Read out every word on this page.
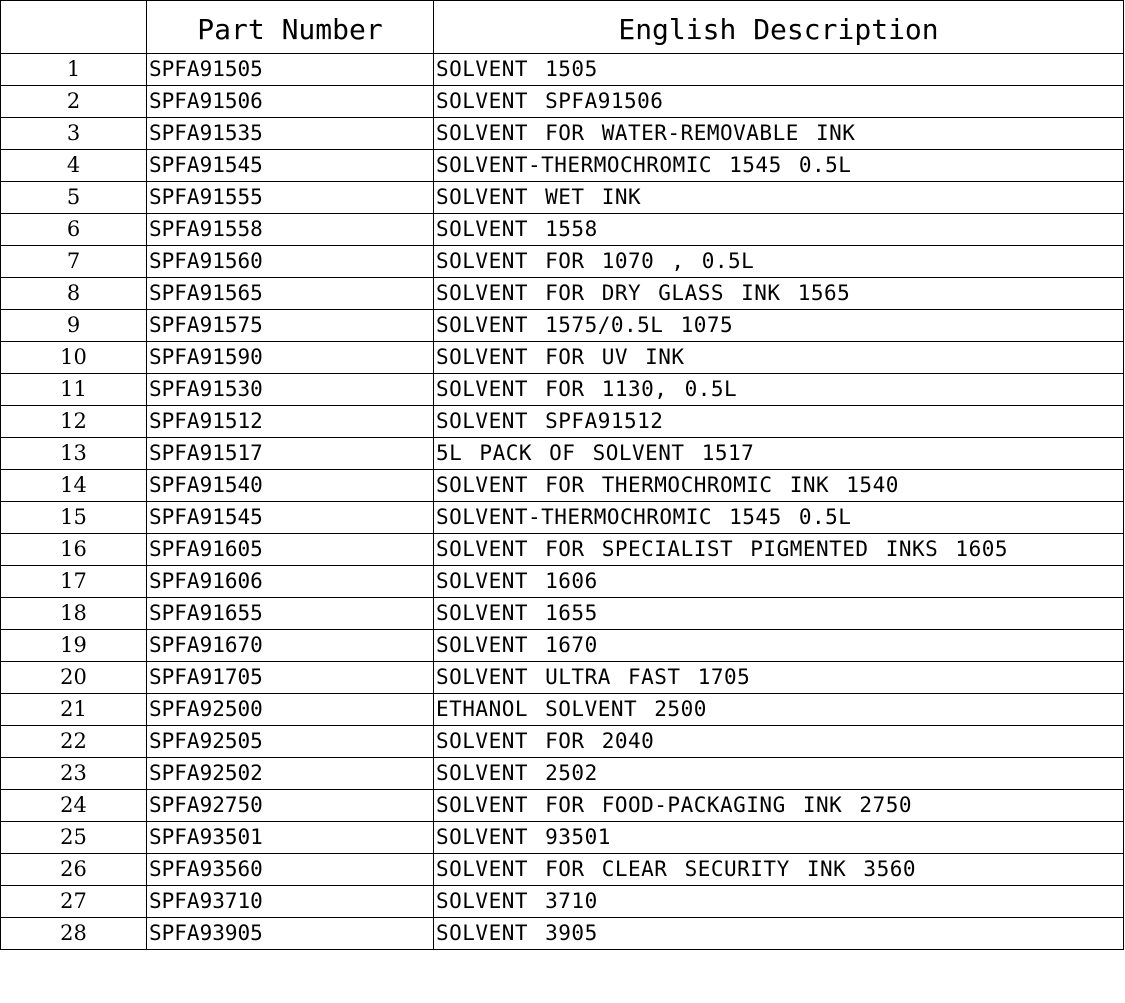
	Part Number	English Description
1	SPFA91505	SOLVENT 1505
2	SPFA91506	SOLVENT SPFA91506
3	SPFA91535	SOLVENT FOR WATER-REMOVABLE INK
4	SPFA91545	SOLVENT-THERMOCHROMIC 1545 0.5L
5	SPFA91555	SOLVENT WET INK
6	SPFA91558	SOLVENT 1558
7	SPFA91560	SOLVENT FOR 1070 , 0.5L
8	SPFA91565	SOLVENT FOR DRY GLASS INK 1565
9	SPFA91575	SOLVENT 1575/0.5L 1075
10	SPFA91590	SOLVENT FOR UV INK
11	SPFA91530	SOLVENT FOR 1130, 0.5L
12	SPFA91512	SOLVENT SPFA91512
13	SPFA91517	5L PACK OF SOLVENT 1517
14	SPFA91540	SOLVENT FOR THERMOCHROMIC INK 1540
15	SPFA91545	SOLVENT-THERMOCHROMIC 1545 0.5L
16	SPFA91605	SOLVENT FOR SPECIALIST PIGMENTED INKS 1605
17	SPFA91606	SOLVENT 1606
18	SPFA91655	SOLVENT 1655
19	SPFA91670	SOLVENT 1670
20	SPFA91705	SOLVENT ULTRA FAST 1705
21	SPFA92500	ETHANOL SOLVENT 2500
22	SPFA92505	SOLVENT FOR 2040
23	SPFA92502	SOLVENT 2502
24	SPFA92750	SOLVENT FOR FOOD-PACKAGING INK 2750
25	SPFA93501	SOLVENT 93501
26	SPFA93560	SOLVENT FOR CLEAR SECURITY INK 3560
27	SPFA93710	SOLVENT 3710
28	SPFA93905	SOLVENT 3905
